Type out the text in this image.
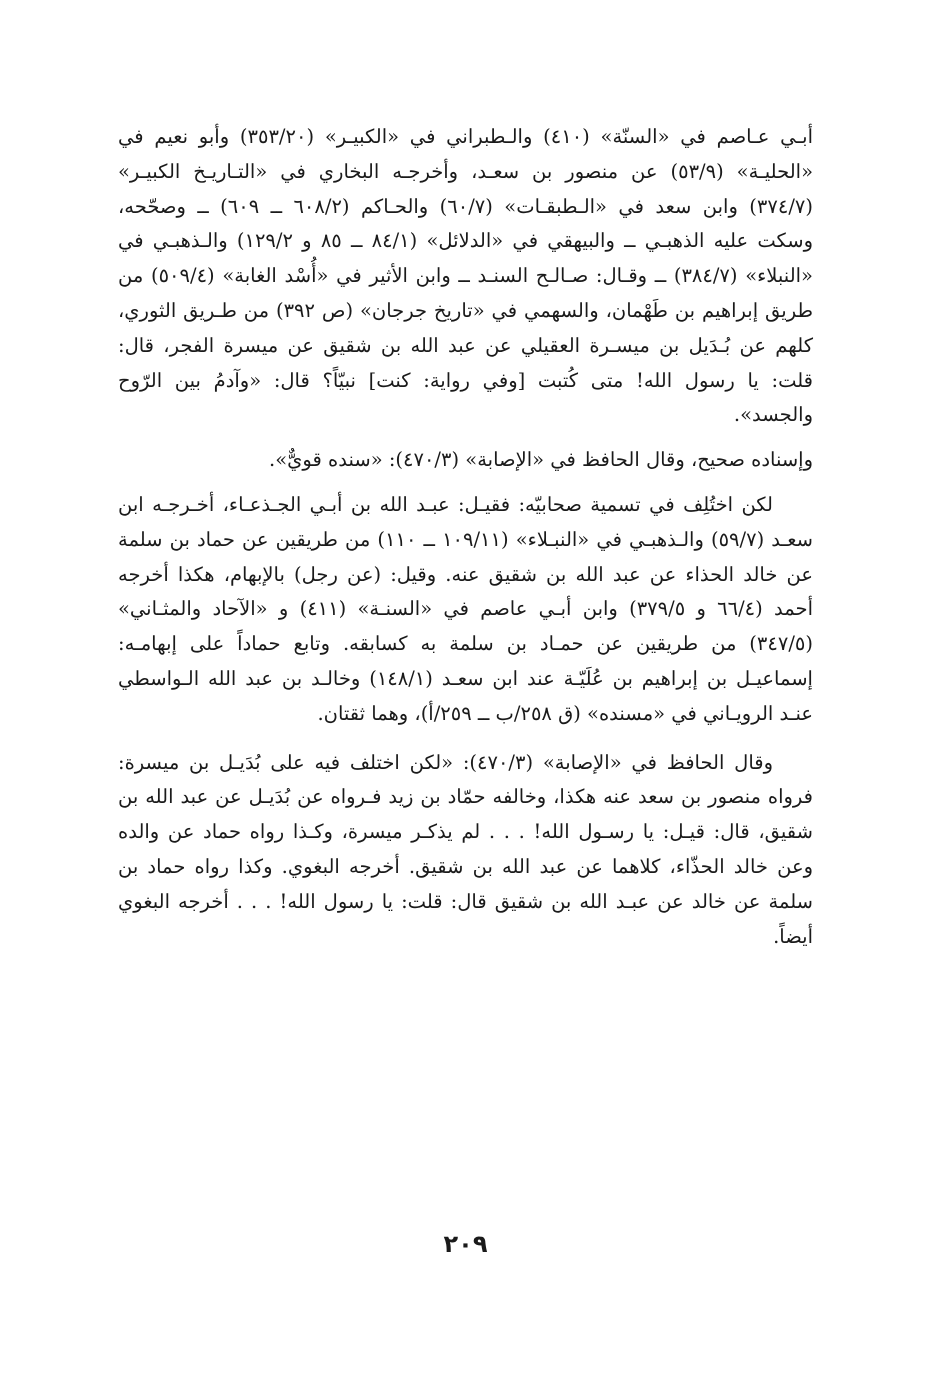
أبـي عـاصم في «السنّة» (٤١٠) والـطبراني في «الكبيـر» (٣٥٣/٢٠) وأبو نعيم في «الحليـة» (٥٣/٩) عن منصور بن سعـد، وأخرجـه البخاري في «التـاريـخ الكبيـر» (٣٧٤/٧) وابن سعد في «الـطبقـات» (٦٠/٧) والحـاكم (٦٠٨/٢ ــ ٦٠٩) ــ وصحّحه، وسكت عليه الذهبـي ــ والبيهقي في «الدلائل» (٨٤/١ ــ ٨٥ و ١٢٩/٢) والـذهبـي في «النبلاء» (٣٨٤/٧) ــ وقـال: صـالـح السنـد ــ وابن الأثير في «أُسْد الغابة» (٥٠٩/٤) من طريق إبراهيم بن طَهْمان، والسهمي في «تاريخ جرجان» (ص ٣٩٢) من طـريق الثوري، كلهم عن بُـدَيل بن ميسـرة العقيلي عن عبد الله بن شقيق عن ميسرة الفجر، قال: قلت: يا رسول الله! متى كُتبت [وفي رواية: كنت] نبيّاً؟ قال: «وآدمُ بين الرّوح والجسد».

وإسناده صحيح، وقال الحافظ في «الإصابة» (٤٧٠/٣): «سنده قويٌّ».

لكن اختُلِف في تسمية صحابيّه: فقيـل: عبـد الله بن أبـي الجـذعـاء، أخـرجـه ابن سعـد (٥٩/٧) والـذهبـي في «النبـلاء» (١٠٩/١١ ــ ١١٠) من طريقين عن حماد بن سلمة عن خالد الحذاء عن عبد الله بن شقيق عنه. وقيل: (عن رجل) بالإبهام، هكذا أخرجه أحمد (٦٦/٤ و ٣٧٩/٥) وابن أبـي عاصم في «السنـة» (٤١١) و «الآحاد والمثـاني» (٣٤٧/٥) من طريقين عن حمـاد بن سلمة به كسابقه. وتابع حماداً على إبهامـه: إسماعيـل بن إبراهيم بن عُلَيّـة عند ابن سعـد (١٤٨/١) وخالـد بن عبد الله الـواسطي عنـد الرويـاني في «مسنده» (ق ٢٥٨/ب ــ ٢٥٩/أ)، وهما ثقتان.

وقال الحافظ في «الإصابة» (٤٧٠/٣): «لكن اختلف فيه على بُدَيـل بن ميسرة: فرواه منصور بن سعد عنه هكذا، وخالفه حمّاد بن زيد فـرواه عن بُدَيـل عن عبد الله بن شقيق، قال: قيـل: يا رسـول الله! . . . لم يذكـر ميسرة، وكـذا رواه حماد عن والده وعن خالد الحذّاء، كلاهما عن عبد الله بن شقيق. أخرجه البغوي. وكذا رواه حماد بن سلمة عن خالد عن عبـد الله بن شقيق قال: قلت: يا رسول الله! . . . أخرجه البغوي أيضاً.

٢٠٩
